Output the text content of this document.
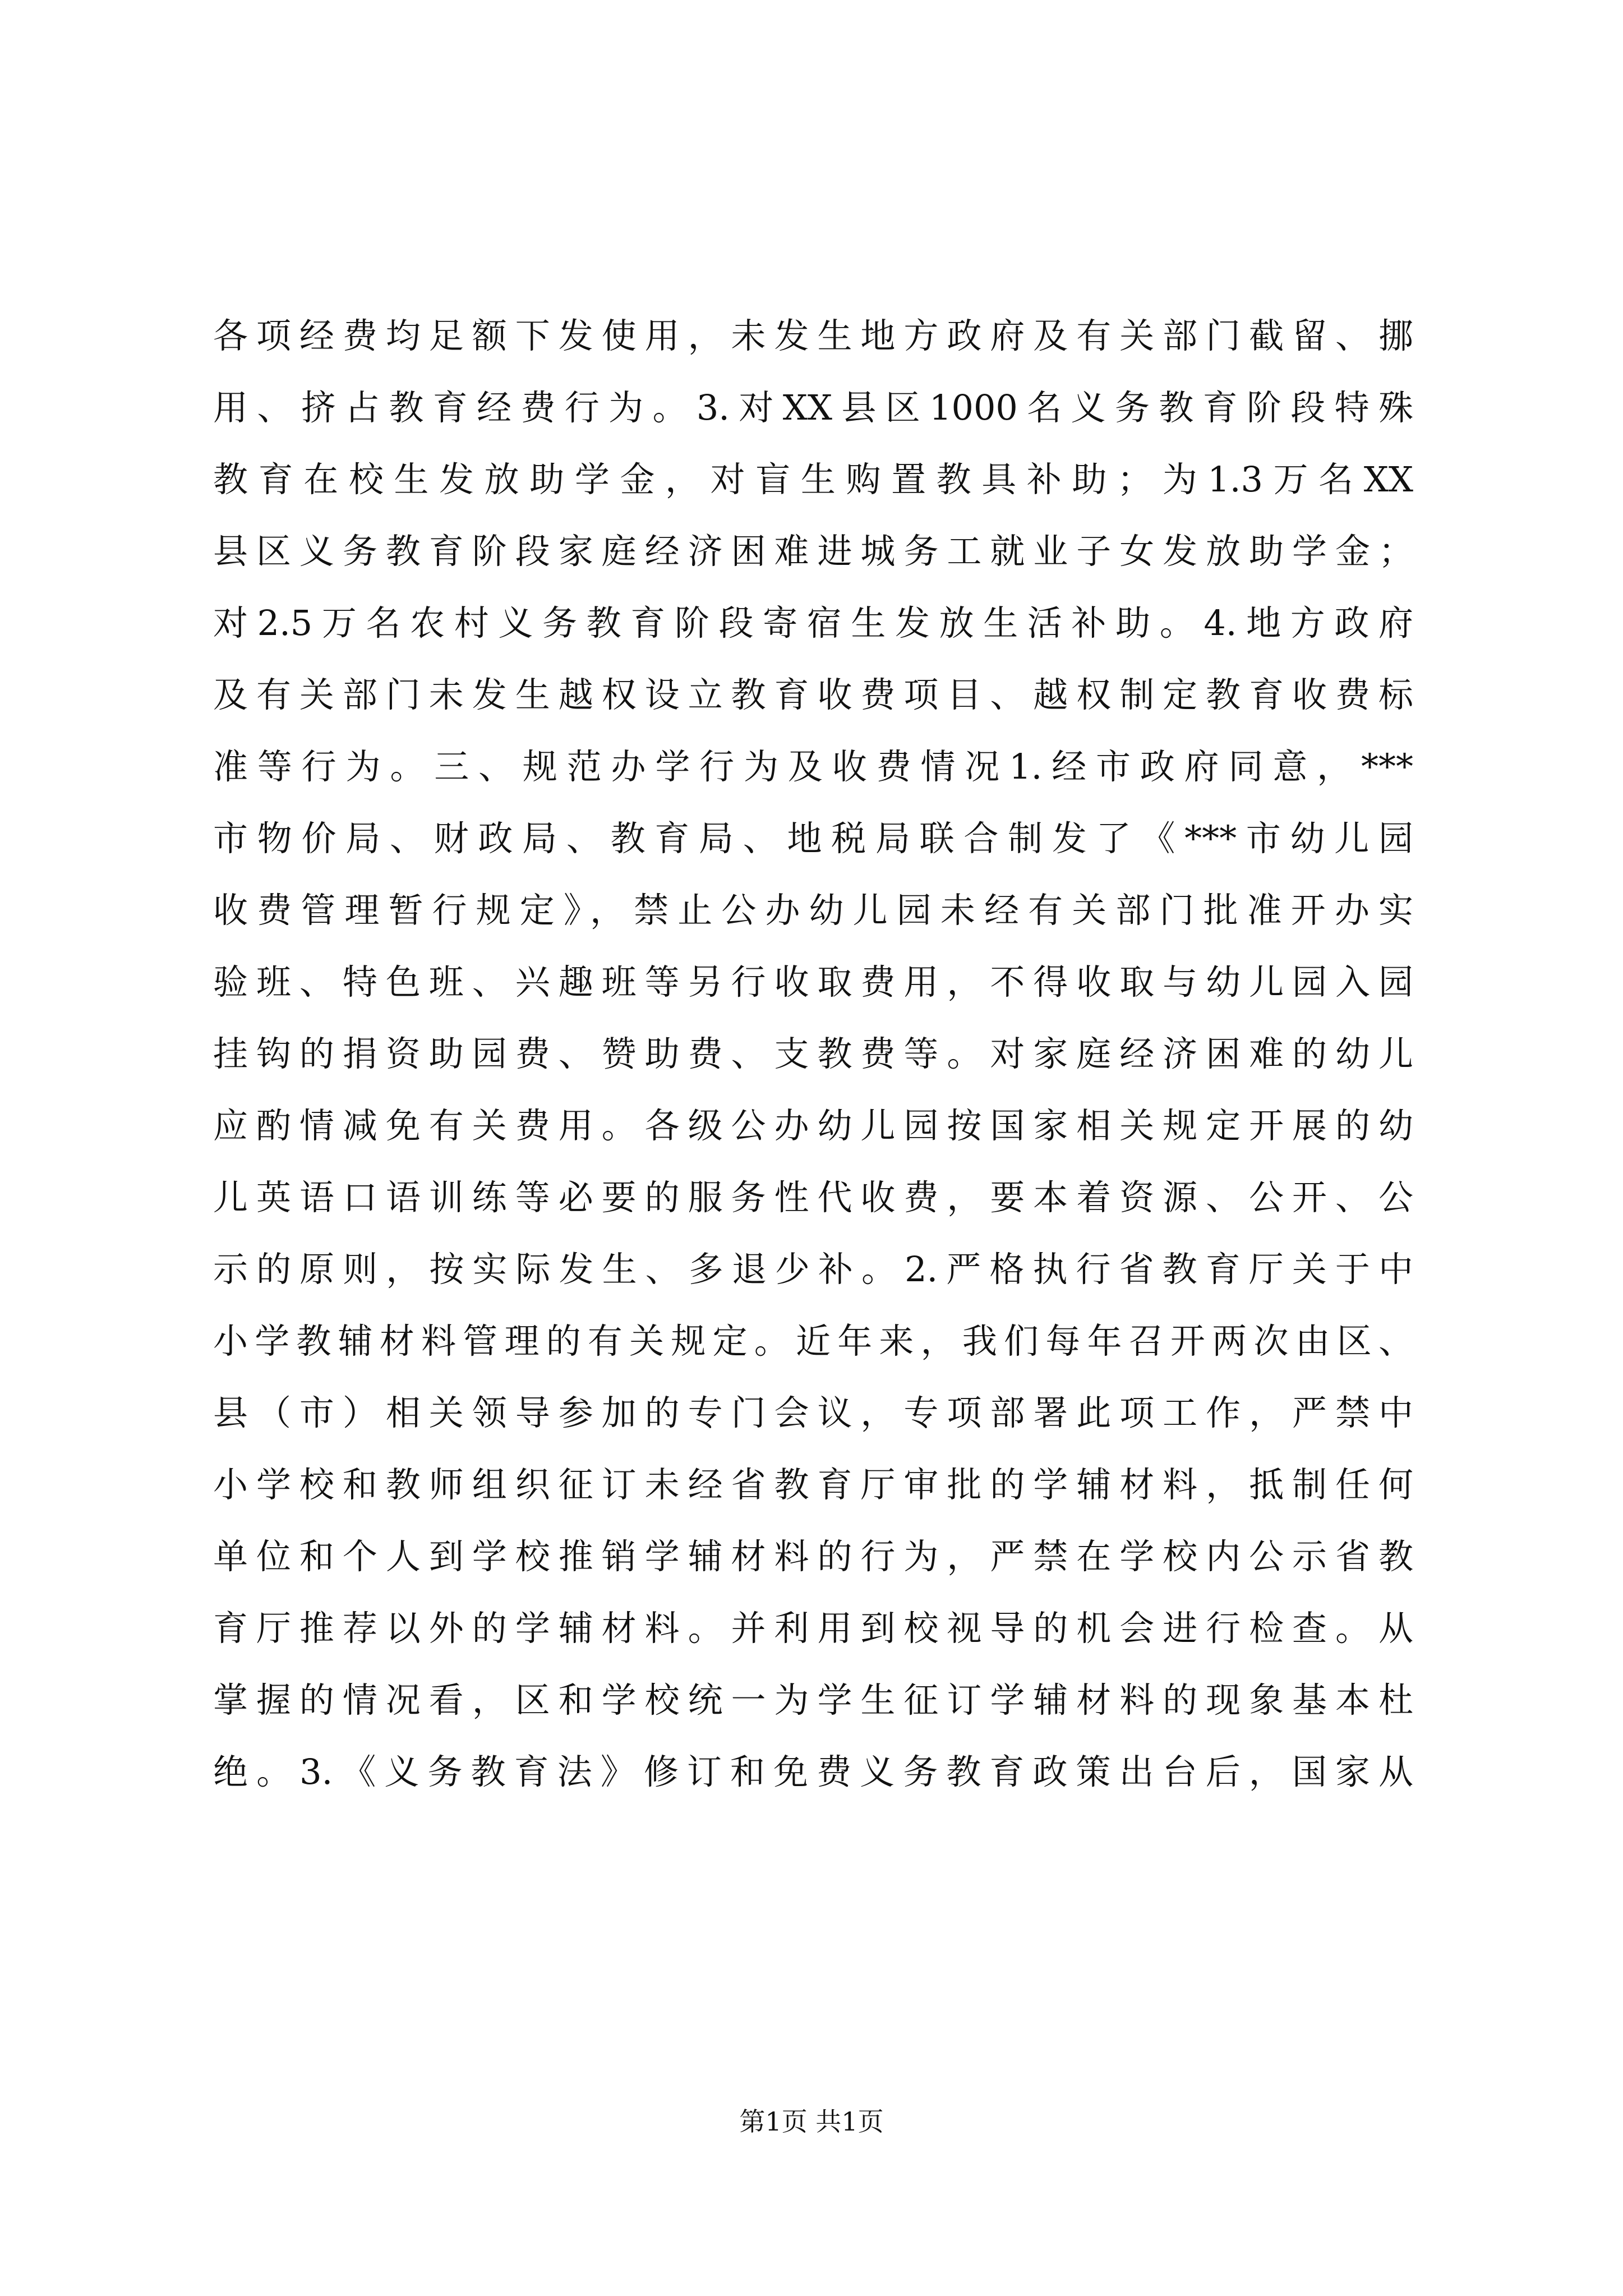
各项经费均足额下发使用，未发生地方政府及有关部门截留、挪
用、挤占教育经费行为。3.对XX县区1000名义务教育阶段特殊
教育在校生发放助学金，对盲生购置教具补助；为1.3万名XX
县区义务教育阶段家庭经济困难进城务工就业子女发放助学金；
对2.5万名农村义务教育阶段寄宿生发放生活补助。4.地方政府
及有关部门未发生越权设立教育收费项目、越权制定教育收费标
准等行为。三、规范办学行为及收费情况1.经市政府同意，***
市物价局、财政局、教育局、地税局联合制发了《***市幼儿园
收费管理暂行规定》，禁止公办幼儿园未经有关部门批准开办实
验班、特色班、兴趣班等另行收取费用，不得收取与幼儿园入园
挂钩的捐资助园费、赞助费、支教费等。对家庭经济困难的幼儿
应酌情减免有关费用。各级公办幼儿园按国家相关规定开展的幼
儿英语口语训练等必要的服务性代收费，要本着资源、公开、公
示的原则，按实际发生、多退少补。2.严格执行省教育厅关于中
小学教辅材料管理的有关规定。近年来，我们每年召开两次由区、
县（市）相关领导参加的专门会议，专项部署此项工作，严禁中
小学校和教师组织征订未经省教育厅审批的学辅材料，抵制任何
单位和个人到学校推销学辅材料的行为，严禁在学校内公示省教
育厅推荐以外的学辅材料。并利用到校视导的机会进行检查。从
掌握的情况看，区和学校统一为学生征订学辅材料的现象基本杜
绝。3.《义务教育法》修订和免费义务教育政策出台后，国家从
第1页 共1页
